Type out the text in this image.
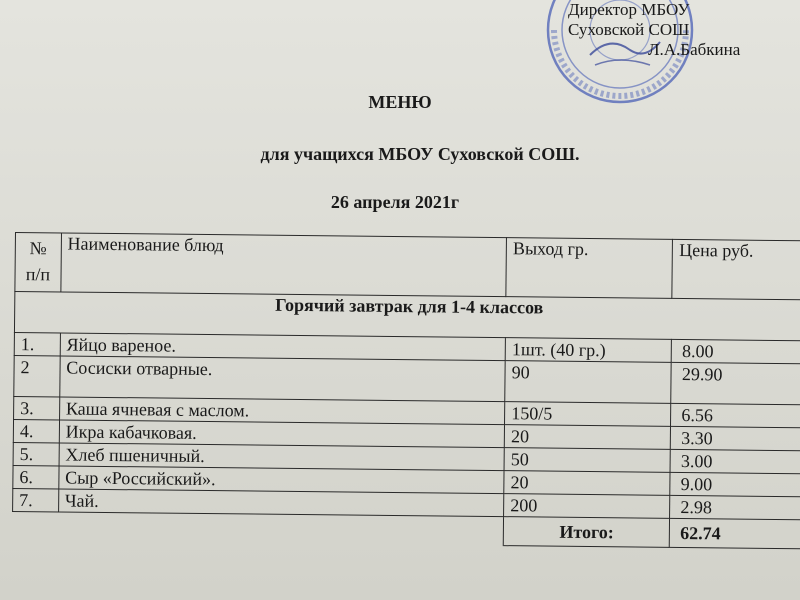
Директор МБОУ
Суховской СОШ
Л.А.Бабкина
МЕНЮ
для учащихся МБОУ Суховской СОШ.
26 апреля 2021г
№
п/п	Наименование блюд	Выход гр.	Цена руб.
Горячий завтрак для 1-4 классов			
1.	Яйцо вареное.	1шт. (40 гр.)	8.00
2	Сосиски отварные.	90	29.90
3.	Каша ячневая с маслом.	150/5	6.56
4.	Икра кабачковая.	20	3.30
5.	Хлеб пшеничный.	50	3.00
6.	Сыр «Российский».	20	9.00
7.	Чай.	200	2.98
		Итого:	62.74
